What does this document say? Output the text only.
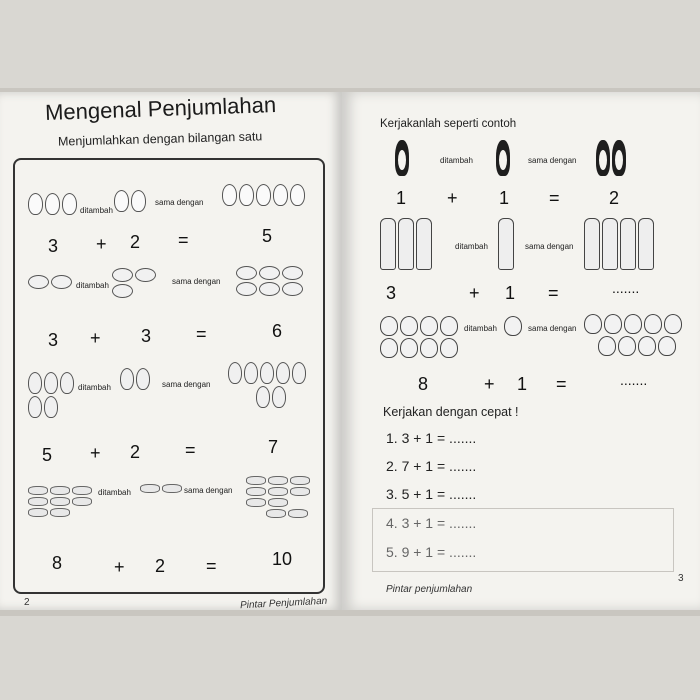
Mengenal Penjumlahan
Menjumlahkan dengan bilangan satu
ditambah
sama dengan
3 + 2 =	5
ditambah	sama dengan
3 + 3 =	6
ditambah	sama dengan
5 + 2 =	7
ditambah	sama dengan
8	+ 2 =	10
2	Pintar Penjumlahan
Kerjakanlah seperti contoh
ditambah	sama dengan
1 + 1 =	2
ditambah	sama dengan
3	+ 1 =	.......
ditambah	sama dengan
8	+ 1 =	.......
Kerjakan dengan cepat !
1. 3 + 1 = .......
2. 7 + 1 = .......
3. 5 + 1 = .......
4. 3 + 1 = .......
5. 9 + 1 = .......
Pintar penjumlahan
3
